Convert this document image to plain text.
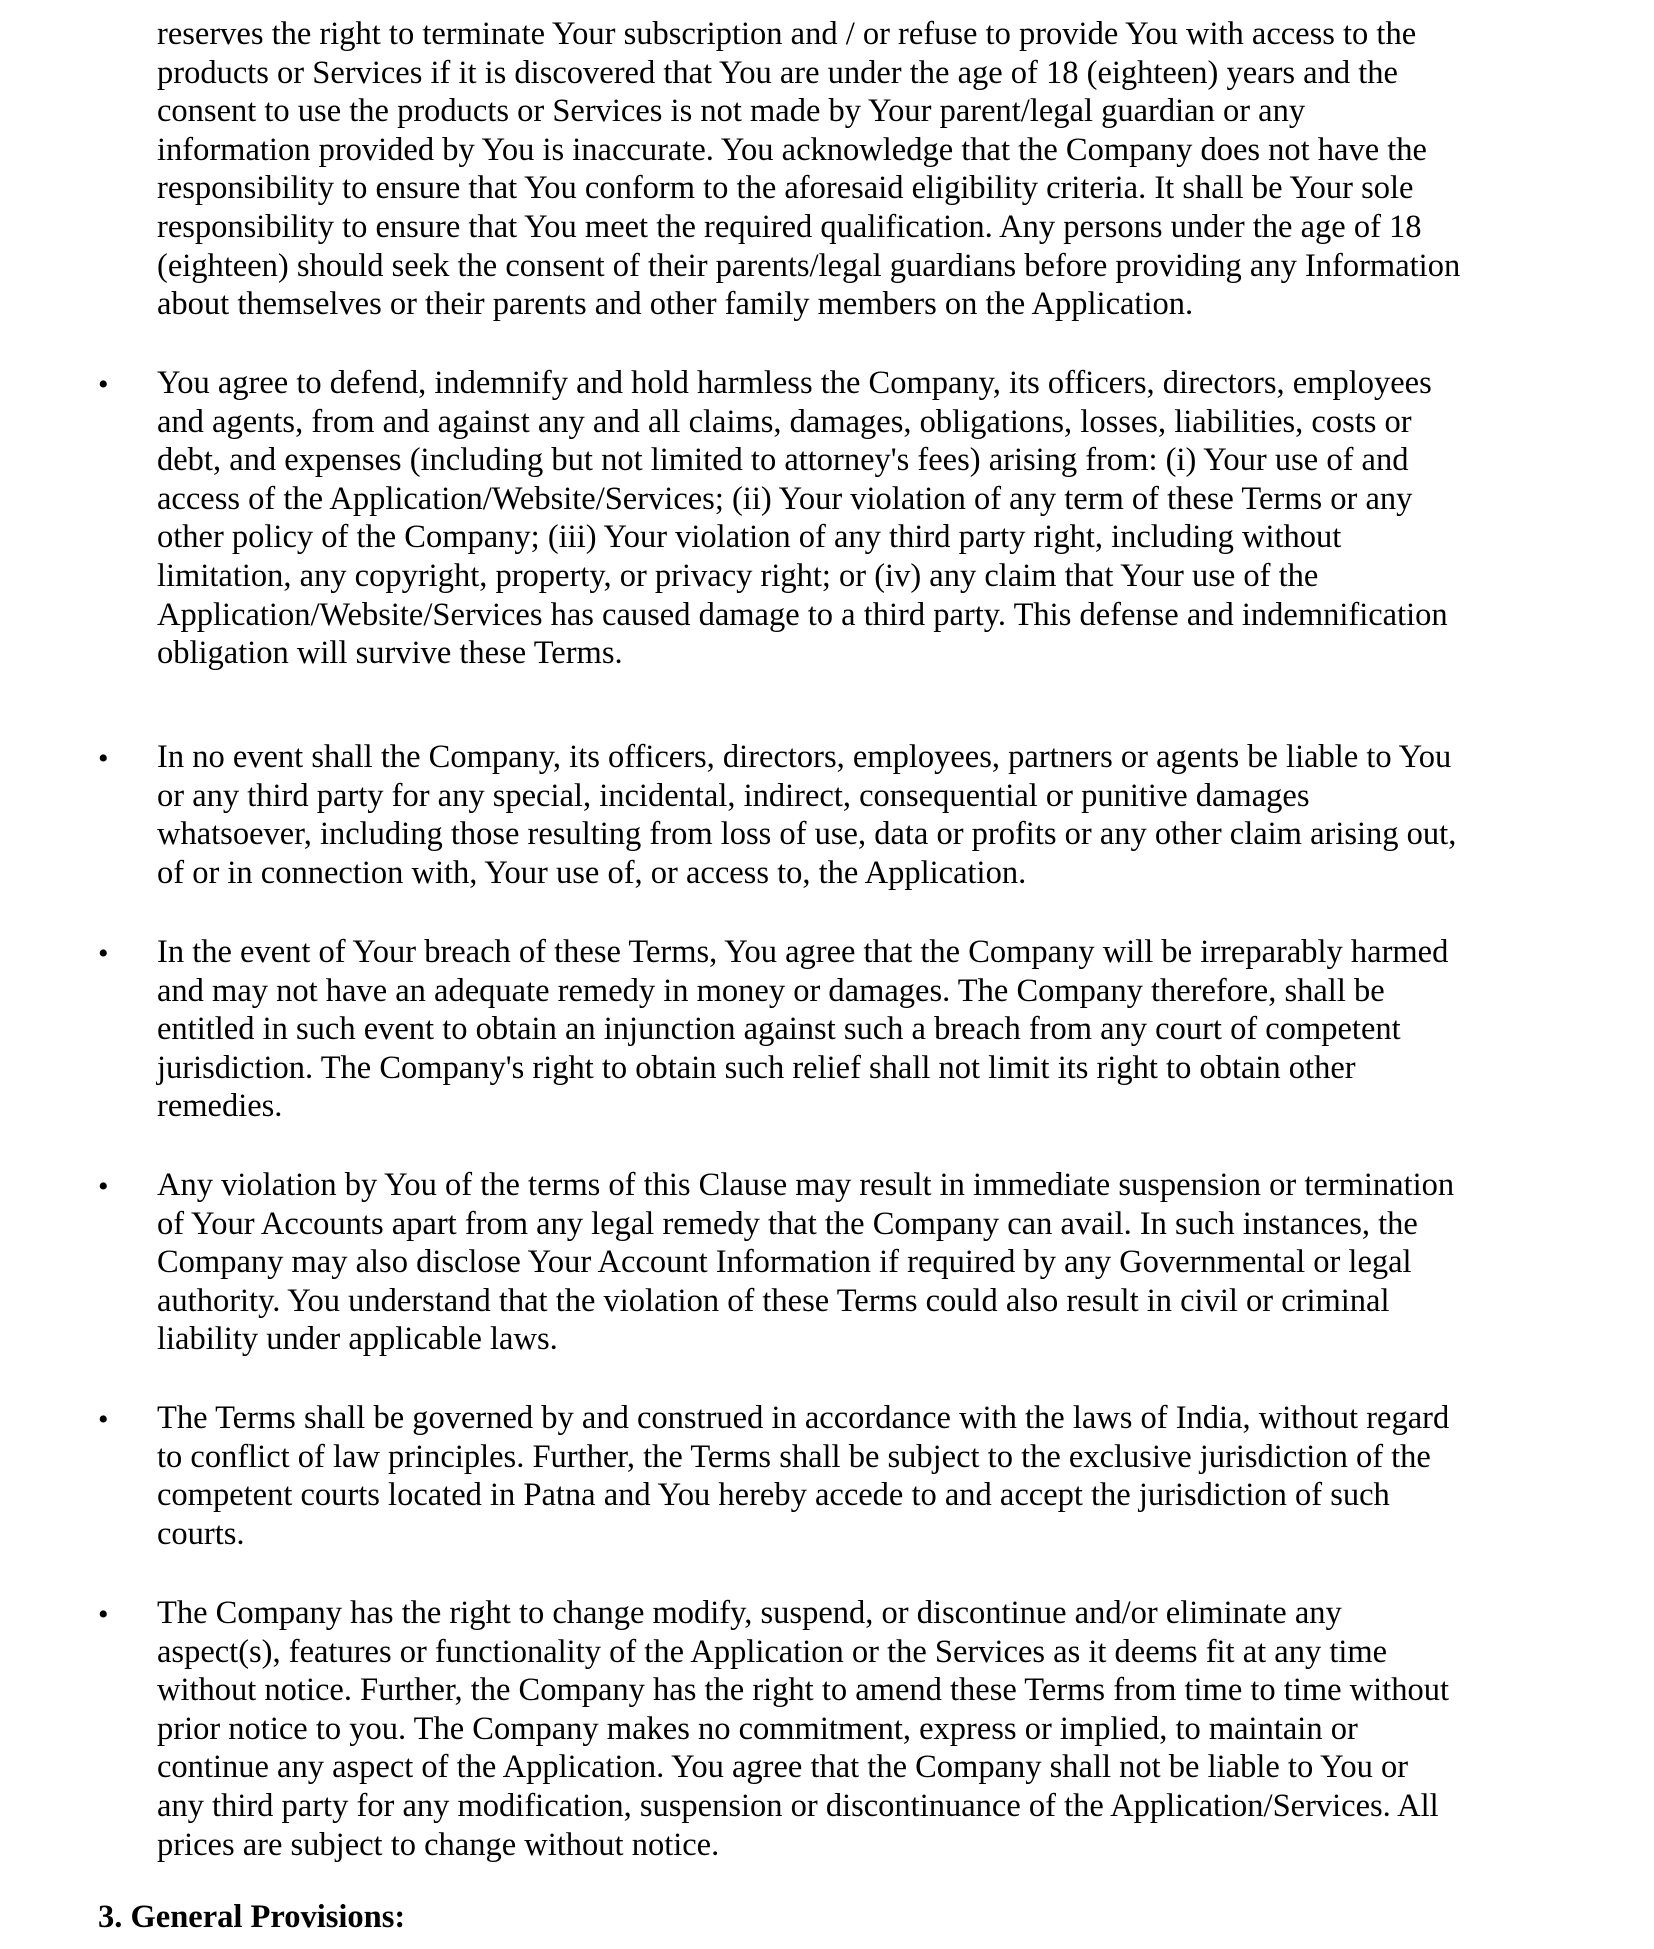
reserves the right to terminate Your subscription and / or refuse to provide You with access to the
products or Services if it is discovered that You are under the age of 18 (eighteen) years and the
consent to use the products or Services is not made by Your parent/legal guardian or any
information provided by You is inaccurate. You acknowledge that the Company does not have the
responsibility to ensure that You conform to the aforesaid eligibility criteria. It shall be Your sole
responsibility to ensure that You meet the required qualification. Any persons under the age of 18
(eighteen) should seek the consent of their parents/legal guardians before providing any Information
about themselves or their parents and other family members on the Application.
•	You agree to defend, indemnify and hold harmless the Company, its officers, directors, employees
and agents, from and against any and all claims, damages, obligations, losses, liabilities, costs or
debt, and expenses (including but not limited to attorney's fees) arising from: (i) Your use of and
access of the Application/Website/Services; (ii) Your violation of any term of these Terms or any
other policy of the Company; (iii) Your violation of any third party right, including without
limitation, any copyright, property, or privacy right; or (iv) any claim that Your use of the
Application/Website/Services has caused damage to a third party. This defense and indemnification
obligation will survive these Terms.
•	In no event shall the Company, its officers, directors, employees, partners or agents be liable to You
or any third party for any special, incidental, indirect, consequential or punitive damages
whatsoever, including those resulting from loss of use, data or profits or any other claim arising out,
of or in connection with, Your use of, or access to, the Application.
•	In the event of Your breach of these Terms, You agree that the Company will be irreparably harmed
and may not have an adequate remedy in money or damages. The Company therefore, shall be
entitled in such event to obtain an injunction against such a breach from any court of competent
jurisdiction. The Company's right to obtain such relief shall not limit its right to obtain other
remedies.
•	Any violation by You of the terms of this Clause may result in immediate suspension or termination
of Your Accounts apart from any legal remedy that the Company can avail. In such instances, the
Company may also disclose Your Account Information if required by any Governmental or legal
authority. You understand that the violation of these Terms could also result in civil or criminal
liability under applicable laws.
•	The Terms shall be governed by and construed in accordance with the laws of India, without regard
to conflict of law principles. Further, the Terms shall be subject to the exclusive jurisdiction of the
competent courts located in Patna and You hereby accede to and accept the jurisdiction of such
courts.
•	The Company has the right to change modify, suspend, or discontinue and/or eliminate any
aspect(s), features or functionality of the Application or the Services as it deems fit at any time
without notice. Further, the Company has the right to amend these Terms from time to time without
prior notice to you. The Company makes no commitment, express or implied, to maintain or
continue any aspect of the Application. You agree that the Company shall not be liable to You or
any third party for any modification, suspension or discontinuance of the Application/Services. All
prices are subject to change without notice.
3. General Provisions:
